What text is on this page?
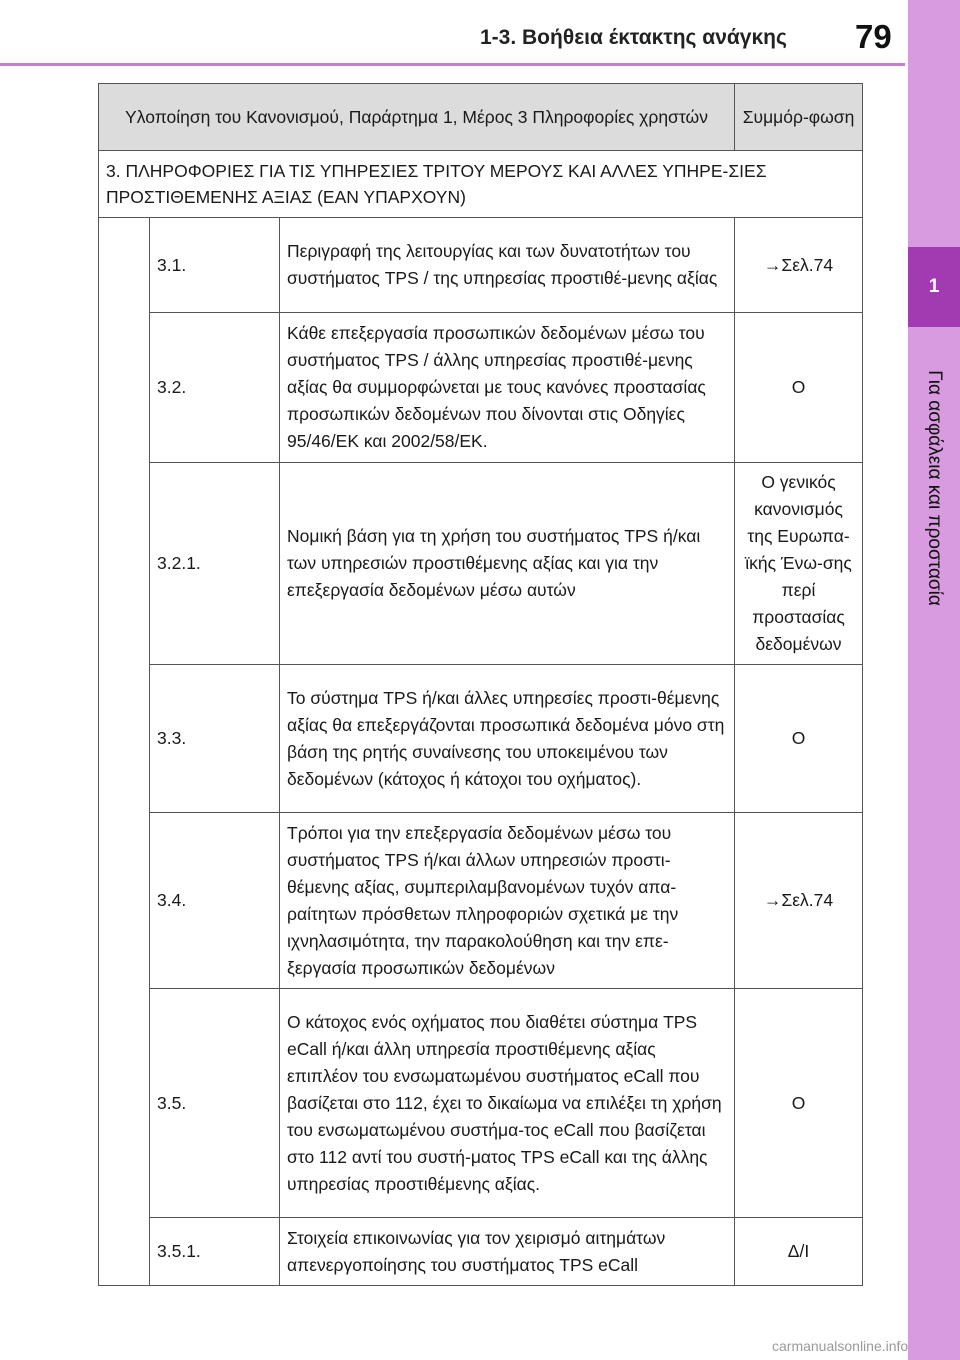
1-3. Βοήθεια έκτακτης ανάγκης 79
1
Για ασφάλεια και προστασία
Υλοποίηση του Κανονισμού, Παράρτημα 1, Μέρος 3 Πληροφορίες χρηστών			Συμμόρ-φωση
3. ΠΛΗΡΟΦΟΡΙΕΣ ΓΙΑ ΤΙΣ ΥΠΗΡΕΣΙΕΣ ΤΡΙΤΟΥ ΜΕΡΟΥΣ ΚΑΙ ΑΛΛΕΣ ΥΠΗΡΕ-ΣΙΕΣ ΠΡΟΣΤΙΘΕΜΕΝΗΣ ΑΞΙΑΣ (ΕΑΝ ΥΠΑΡΧΟΥΝ)			
	3.1.	Περιγραφή της λειτουργίας και των δυνατοτήτων του συστήματος TPS / της υπηρεσίας προστιθέ-μενης αξίας	→Σελ.74
	3.2.	Κάθε επεξεργασία προσωπικών δεδομένων μέσω του συστήματος TPS / άλλης υπηρεσίας προστιθέ-μενης αξίας θα συμμορφώνεται με τους κανόνες προστασίας προσωπικών δεδομένων που δίνονται στις Οδηγίες 95/46/ΕΚ και 2002/58/ΕΚ.	O
	3.2.1.	Νομική βάση για τη χρήση του συστήματος TPS ή/και των υπηρεσιών προστιθέμενης αξίας και για την επεξεργασία δεδομένων μέσω αυτών	Ο γενικός κανονισμός της Ευρωπα-ϊκής Ένω-σης περί προστασίας δεδομένων
	3.3.	Το σύστημα TPS ή/και άλλες υπηρεσίες προστι-θέμενης αξίας θα επεξεργάζονται προσωπικά δεδομένα μόνο στη βάση της ρητής συναίνεσης του υποκειμένου των δεδομένων (κάτοχος ή κάτοχοι του οχήματος).	O
	3.4.	Τρόποι για την επεξεργασία δεδομένων μέσω του συστήματος TPS ή/και άλλων υπηρεσιών προστι-θέμενης αξίας, συμπεριλαμβανομένων τυχόν απα-ραίτητων πρόσθετων πληροφοριών σχετικά με την ιχνηλασιμότητα, την παρακολούθηση και την επε-ξεργασία προσωπικών δεδομένων	→Σελ.74
	3.5.	Ο κάτοχος ενός οχήματος που διαθέτει σύστημα TPS eCall ή/και άλλη υπηρεσία προστιθέμενης αξίας επιπλέον του ενσωματωμένου συστήματος eCall που βασίζεται στο 112, έχει το δικαίωμα να επιλέξει τη χρήση του ενσωματωμένου συστήμα-τος eCall που βασίζεται στο 112 αντί του συστή-ματος TPS eCall και της άλλης υπηρεσίας προστιθέμενης αξίας.	O
	3.5.1.	Στοιχεία επικοινωνίας για τον χειρισμό αιτημάτων απενεργοποίησης του συστήματος TPS eCall	Δ/Ι
carmanualsonline.info
